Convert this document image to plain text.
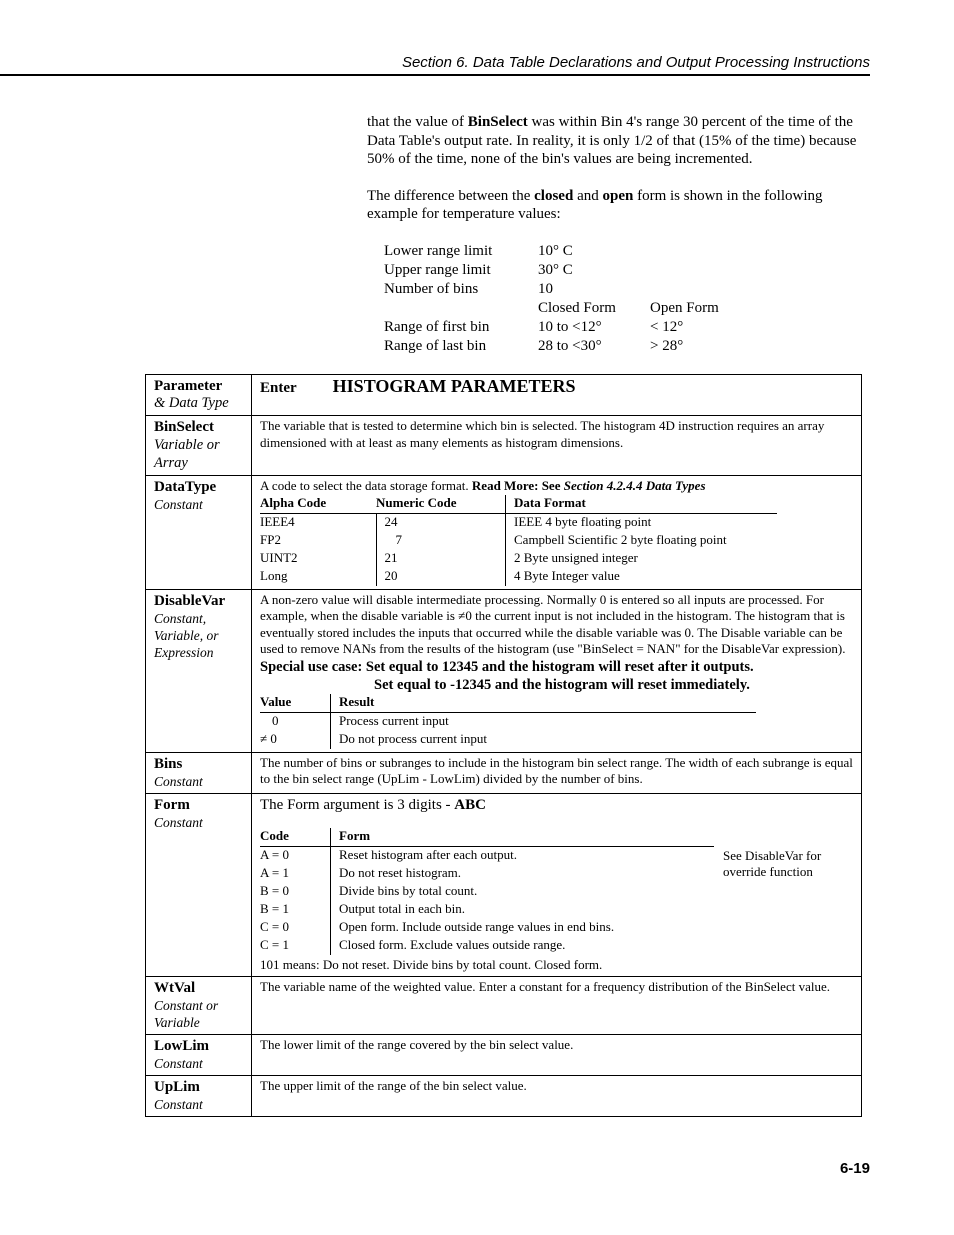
Section 6. Data Table Declarations and Output Processing Instructions

that the value of BinSelect was within Bin 4's range 30 percent of the time of the Data Table's output rate. In reality, it is only 1/2 of that (15% of the time) because 50% of the time, none of the bin's values are being incremented.

The difference between the closed and open form is shown in the following example for temperature values:

Lower range limit	10° C	
Upper range limit	30° C	
Number of bins	10	
	Closed Form	Open Form
Range of first bin	10 to <12°	< 12°
Range of last bin	28 to <30°	> 28°
Parameter
& Data Type
	Enter HISTOGRAM PARAMETERS

BinSelect
Variable or Array
	The variable that is tested to determine which bin is selected. The histogram 4D instruction requires an array dimensioned with at least as many elements as histogram dimensions.

DataType
Constant

A code to select the data storage format. Read More: See Section 4.2.4.4 Data Types
Alpha Code	Numeric Code	Data Format
IEEE4	24	IEEE 4 byte floating point
FP2	7	Campbell Scientific 2 byte floating point
UINT2	21	2 Byte unsigned integer
Long	20	4 Byte Integer value

DisableVar
Constant, Variable, or Expression

A non-zero value will disable intermediate processing. Normally 0 is entered so all inputs are processed. For example, when the disable variable is ≠0 the current input is not included in the histogram. The histogram that is eventually stored includes the inputs that occurred while the disable variable was 0. The Disable variable can be used to remove NANs from the results of the histogram (use "BinSelect = NAN" for the DisableVar expression).
Special use case: Set equal to 12345 and the histogram will reset after it outputs.
Set equal to -12345 and the histogram will reset immediately.
Value	Result
0	Process current input
≠ 0	Do not process current input

Bins
Constant
	The number of bins or subranges to include in the histogram bin select range. The width of each subrange is equal to the bin select range (UpLim - LowLim) divided by the number of bins.

Form
Constant

The Form argument is 3 digits - ABC
Code	Form
A = 0	Reset histogram after each output.
A = 1	Do not reset histogram.
B = 0	Divide bins by total count.
B = 1	Output total in each bin.
C = 0	Open form. Include outside range values in end bins.
C = 1	Closed form. Exclude values outside range.
See DisableVar for override function
101 means: Do not reset. Divide bins by total count. Closed form.

WtVal
Constant or Variable
	The variable name of the weighted value. Enter a constant for a frequency distribution of the BinSelect value.

LowLim
Constant
	The lower limit of the range covered by the bin select value.

UpLim
Constant
	The upper limit of the range of the bin select value.
6-19
